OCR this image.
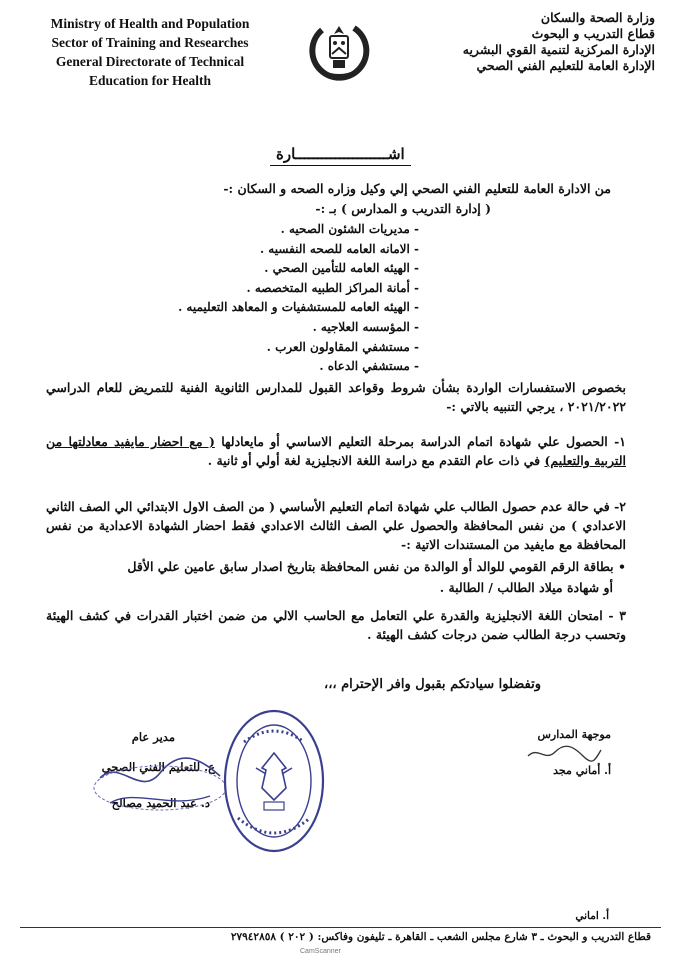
Ministry of Health and Population
Sector of Training and Researches
General Directorate of Technical
Education for Health
وزارة الصحة والسكان
قطاع التدريب و البحوث
الإدارة المركزية لتنمية القوي البشريه
الإدارة العامة للتعليم الفني الصحي
اشـــــــــــــــــــــارة
من الادارة العامة للتعليم الفني الصحي إلي وكيل وزاره الصحه و السكان :-
( إدارة التدريب و المدارس ) بـ :-
- مديريات الشئون الصحيه .
- الامانه العامه للصحه النفسيه .
- الهيئه العامه للتأمين الصحي .
- أمانة المراكز الطبيه المتخصصه .
- الهيئه العامه للمستشفيات و المعاهد التعليميه .
- المؤسسه العلاجيه .
- مستشفي المقاولون العرب .
- مستشفي الدعاه .
بخصوص الاستفسارات الواردة بشأن شروط وقواعد القبول للمدارس الثانوية الفنية للتمريض للعام الدراسي ٢٠٢١/٢٠٢٢ ، يرجي التنبيه بالاتي :-
١- الحصول علي شهادة اتمام الدراسة بمرحلة التعليم الاساسي أو مايعادلها ( مع احضار مايفيد معادلتها من التربية والتعليم) في ذات عام التقدم مع دراسة اللغة الانجليزية لغة أولي أو ثانية .
٢- في حالة عدم حصول الطالب علي شهادة اتمام التعليم الأساسي ( من الصف الاول الابتدائي الي الصف الثاني الاعدادي ) من نفس المحافظة والحصول علي الصف الثالث الاعدادي فقط احضار الشهادة الاعدادية من نفس المحافظة مع مايفيد من المستندات الاتية :-
• بطاقة الرقم القومي للوالد أو الوالدة من نفس المحافظة بتاريخ اصدار سابق عامين علي الأقل
أو شهادة ميلاد الطالب / الطالبة .
٣ - امتحان اللغة الانجليزية والقدرة علي التعامل مع الحاسب الالي من ضمن اختبار القدرات في كشف الهيئة وتحسب درجة الطالب ضمن درجات كشف الهيئة .
وتفضلوا سيادتكم بقبول وافر الإحترام ،،،
مدير عام
ع. للتعليم الفني الصحي
د. عبد الحميد مصالح
موجهة المدارس
أ. أماني مجد
أ. اماني
قطاع التدريب و البحوث ـ ٣ شارع مجلس الشعب ـ القاهرة ـ تليفون وفاكس: ( ٢٠٢ ) ٢٧٩٤٢٨٥٨
CamScanner
